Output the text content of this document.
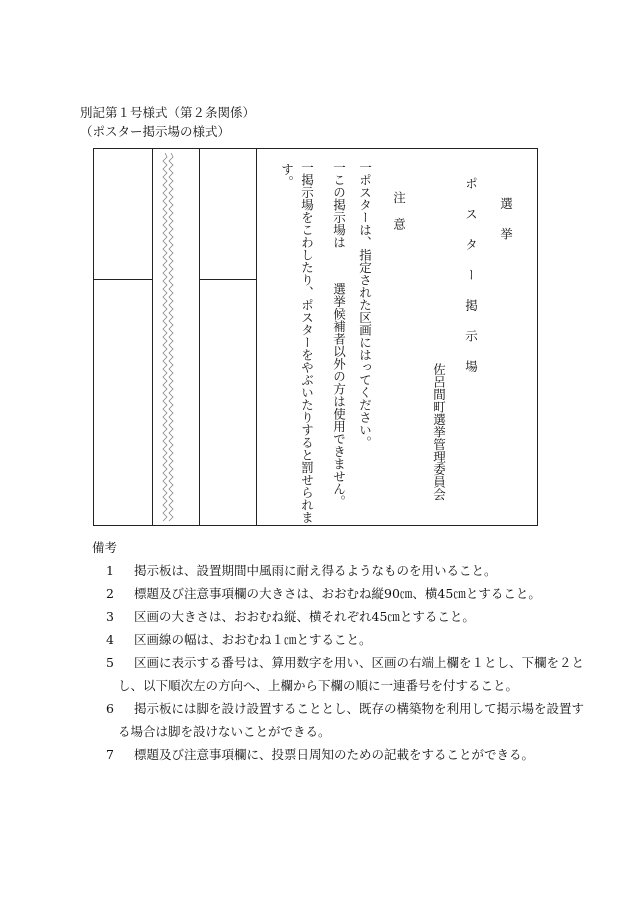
別記第１号様式（第２条関係）
（ポスター掲示場の様式）
選挙
ポスター掲示場
佐呂間町選挙管理委員会
注意
一ポスターは、指定された区画にはってください。
一この掲示場は選挙候補者以外の方は使用できません。
一掲示場をこわしたり、ポスターをやぶいたりすると罰せられま
す。
備考
1 掲示板は、設置期間中風雨に耐え得るようなものを用いること。
2 標題及び注意事項欄の大きさは、おおむね縦90㎝、横45㎝とすること。
3 区画の大きさは、おおむね縦、横それぞれ45㎝とすること。
4 区画線の幅は、おおむね１㎝とすること。
5 区画に表示する番号は、算用数字を用い、区画の右端上欄を１とし、下欄を２と
し、以下順次左の方向へ、上欄から下欄の順に一連番号を付すること。
6 掲示板には脚を設け設置することとし、既存の構築物を利用して掲示場を設置す
る場合は脚を設けないことができる。
7 標題及び注意事項欄に、投票日周知のための記載をすることができる。
